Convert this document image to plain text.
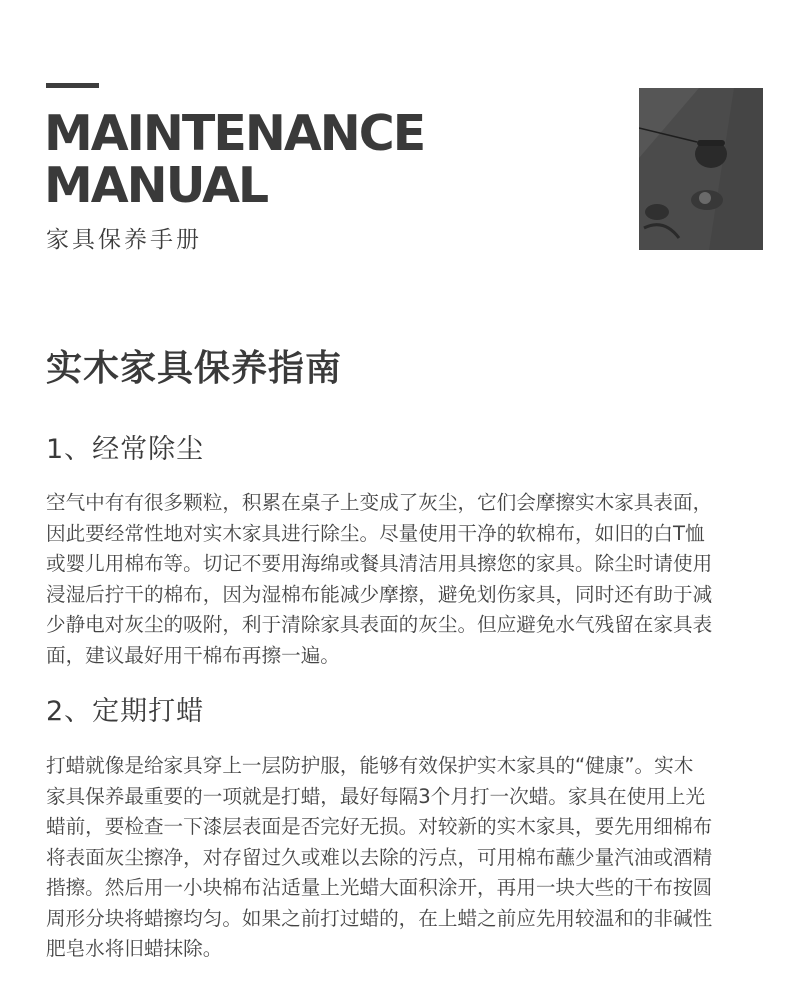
MAINTENANCE
MANUAL
家具保养手册
实木家具保养指南
1、经常除尘
空气中有有很多颗粒，积累在桌子上变成了灰尘，它们会摩擦实木家具表面，
因此要经常性地对实木家具进行除尘。尽量使用干净的软棉布，如旧的白T恤
或婴儿用棉布等。切记不要用海绵或餐具清洁用具擦您的家具。除尘时请使用
浸湿后拧干的棉布，因为湿棉布能减少摩擦，避免划伤家具，同时还有助于减
少静电对灰尘的吸附，利于清除家具表面的灰尘。但应避免水气残留在家具表
面，建议最好用干棉布再擦一遍。
2、定期打蜡
打蜡就像是给家具穿上一层防护服，能够有效保护实木家具的“健康”。实木
家具保养最重要的一项就是打蜡，最好每隔3个月打一次蜡。家具在使用上光
蜡前，要检查一下漆层表面是否完好无损。对较新的实木家具，要先用细棉布
将表面灰尘擦净，对存留过久或难以去除的污点，可用棉布蘸少量汽油或酒精
揩擦。然后用一小块棉布沾适量上光蜡大面积涂开，再用一块大些的干布按圆
周形分块将蜡擦均匀。如果之前打过蜡的，在上蜡之前应先用较温和的非碱性
肥皂水将旧蜡抹除。
